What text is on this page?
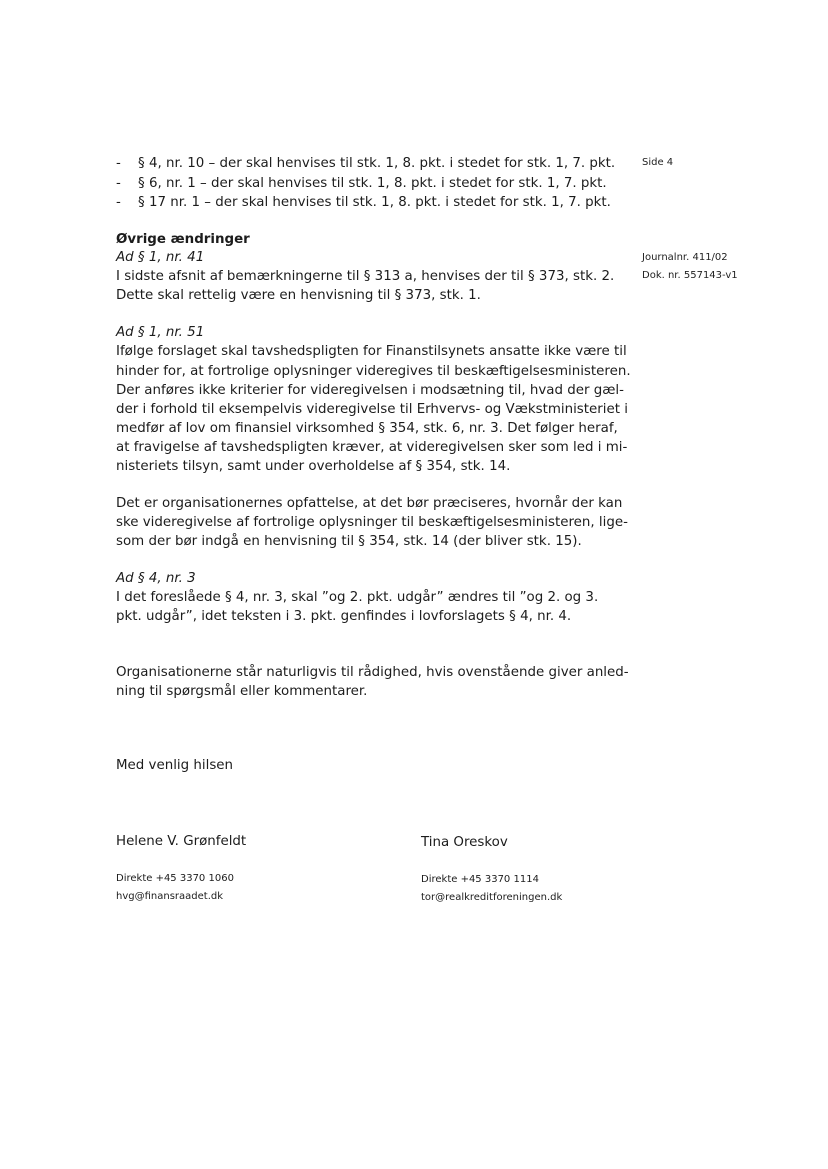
Side 4
Journalnr. 411/02
Dok. nr. 557143-v1
- § 4, nr. 10 – der skal henvises til stk. 1, 8. pkt. i stedet for stk. 1, 7. pkt.
- § 6, nr. 1 – der skal henvises til stk. 1, 8. pkt. i stedet for stk. 1, 7. pkt.
- § 17 nr. 1 – der skal henvises til stk. 1, 8. pkt. i stedet for stk. 1, 7. pkt.
Øvrige ændringer
Ad § 1, nr. 41
I sidste afsnit af bemærkningerne til § 313 a, henvises der til § 373, stk. 2.
Dette skal rettelig være en henvisning til § 373, stk. 1.
Ad § 1, nr. 51
Ifølge forslaget skal tavshedspligten for Finanstilsynets ansatte ikke være til
hinder for, at fortrolige oplysninger videregives til beskæftigelsesministeren.
Der anføres ikke kriterier for videregivelsen i modsætning til, hvad der gæl-
der i forhold til eksempelvis videregivelse til Erhvervs- og Vækstministeriet i
medfør af lov om finansiel virksomhed § 354, stk. 6, nr. 3. Det følger heraf,
at fravigelse af tavshedspligten kræver, at videregivelsen sker som led i mi-
nisteriets tilsyn, samt under overholdelse af § 354, stk. 14.
Det er organisationernes opfattelse, at det bør præciseres, hvornår der kan
ske videregivelse af fortrolige oplysninger til beskæftigelsesministeren, lige-
som der bør indgå en henvisning til § 354, stk. 14 (der bliver stk. 15).
Ad § 4, nr. 3
I det foreslåede § 4, nr. 3, skal ”og 2. pkt. udgår” ændres til ”og 2. og 3.
pkt. udgår”, idet teksten i 3. pkt. genfindes i lovforslagets § 4, nr. 4.
Organisationerne står naturligvis til rådighed, hvis ovenstående giver anled-
ning til spørgsmål eller kommentarer.
Med venlig hilsen
Helene V. Grønfeldt
Direkte +45 3370 1060
hvg@finansraadet.dk
Tina Oreskov
Direkte +45 3370 1114
tor@realkreditforeningen.dk
